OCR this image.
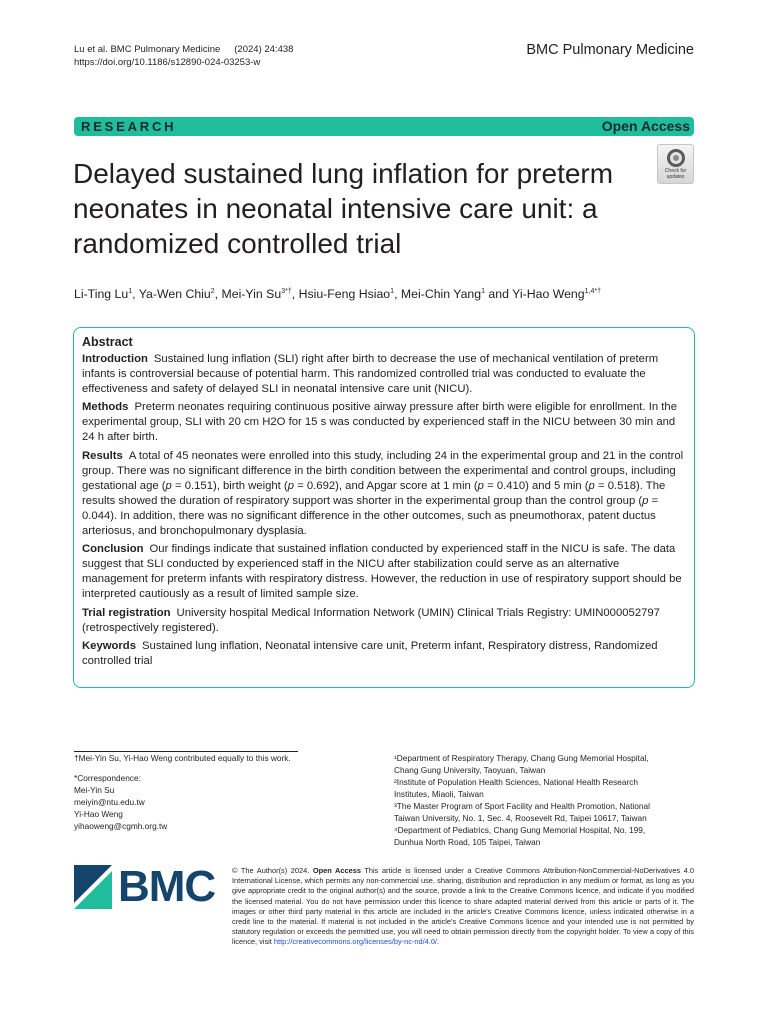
Lu et al. BMC Pulmonary Medicine (2024) 24:438
https://doi.org/10.1186/s12890-024-03253-w
BMC Pulmonary Medicine
RESEARCH	Open Access
Check for
updates
Delayed sustained lung inflation for preterm neonates in neonatal intensive care unit: a randomized controlled trial
Li-Ting Lu$^1$, Ya-Wen Chiu$^2$, Mei-Yin $Su^{3*\dagger}$, Hsiu-Feng Hsiao$^1$, Mei-Chin Yang$^1$ and Yi-Hao Weng$^{1,4*\dagger}$
Abstract

Introduction Sustained lung inflation (SLI) right after birth to decrease the use of mechanical ventilation of preterm infants is controversial because of potential harm. This randomized controlled trial was conducted to evaluate the effectiveness and safety of delayed SLI in neonatal intensive care unit (NICU).

Methods Preterm neonates requiring continuous positive airway pressure after birth were eligible for enrollment. In the experimental group, SLI with 20 cm H2O for 15 s was conducted by experienced staff in the NICU between 30 min and 24 h after birth.

Results A total of 45 neonates were enrolled into this study, including 24 in the experimental group and 21 in the control group. There was no significant difference in the birth condition between the experimental and control groups, including gestational age (p = 0.151), birth weight (p = 0.692), and Apgar score at 1 min (p = 0.410) and 5 min (p = 0.518). The results showed the duration of respiratory support was shorter in the experimental group than the control group (p = 0.044). In addition, there was no significant difference in the other outcomes, such as pneumothorax, patent ductus arteriosus, and bronchopulmonary dysplasia.

Conclusion Our findings indicate that sustained inflation conducted by experienced staff in the NICU is safe. The data suggest that SLI conducted by experienced staff in the NICU after stabilization could serve as an alternative management for preterm infants with respiratory distress. However, the reduction in use of respiratory support should be interpreted cautiously as a result of limited sample size.

Trial registration University hospital Medical Information Network (UMIN) Clinical Trials Registry: UMIN000052797 (retrospectively registered).

Keywords Sustained lung inflation, Neonatal intensive care unit, Preterm infant, Respiratory distress, Randomized controlled trial

†Mei-Yin Su, Yi-Hao Weng contributed equally to this work.
*Correspondence:
Mei-Yin Su
meiyin@ntu.edu.tw
Yi-Hao Weng
yihaoweng@cgmh.org.tw
¹Department of Respiratory Therapy, Chang Gung Memorial Hospital,
Chang Gung University, Taoyuan, Taiwan
²Institute of Population Health Sciences, National Health Research
Institutes, Miaoli, Taiwan
³The Master Program of Sport Facility and Health Promotion, National
Taiwan University, No. 1, Sec. 4, Roosevelt Rd, Taipei 10617, Taiwan
⁴Department of Pediatrics, Chang Gung Memorial Hospital, No. 199,
Dunhua North Road, 105 Taipei, Taiwan
BMC © The Author(s) 2024. Open Access This article is licensed under a Creative Commons Attribution-NonCommercial-NoDerivatives 4.0 International License, which permits any non-commercial use, sharing, distribution and reproduction in any medium or format, as long as you give appropriate credit to the original author(s) and the source, provide a link to the Creative Commons licence, and indicate if you modified the licensed material. You do not have permission under this licence to share adapted material derived from this article or parts of it. The images or other third party material in this article are included in the article's Creative Commons licence, unless indicated otherwise in a credit line to the material. If material is not included in the article's Creative Commons licence and your intended use is not permitted by statutory regulation or exceeds the permitted use, you will need to obtain permission directly from the copyright holder. To view a copy of this licence, visit http://creativecommons.org/licenses/by-nc-nd/4.0/.
